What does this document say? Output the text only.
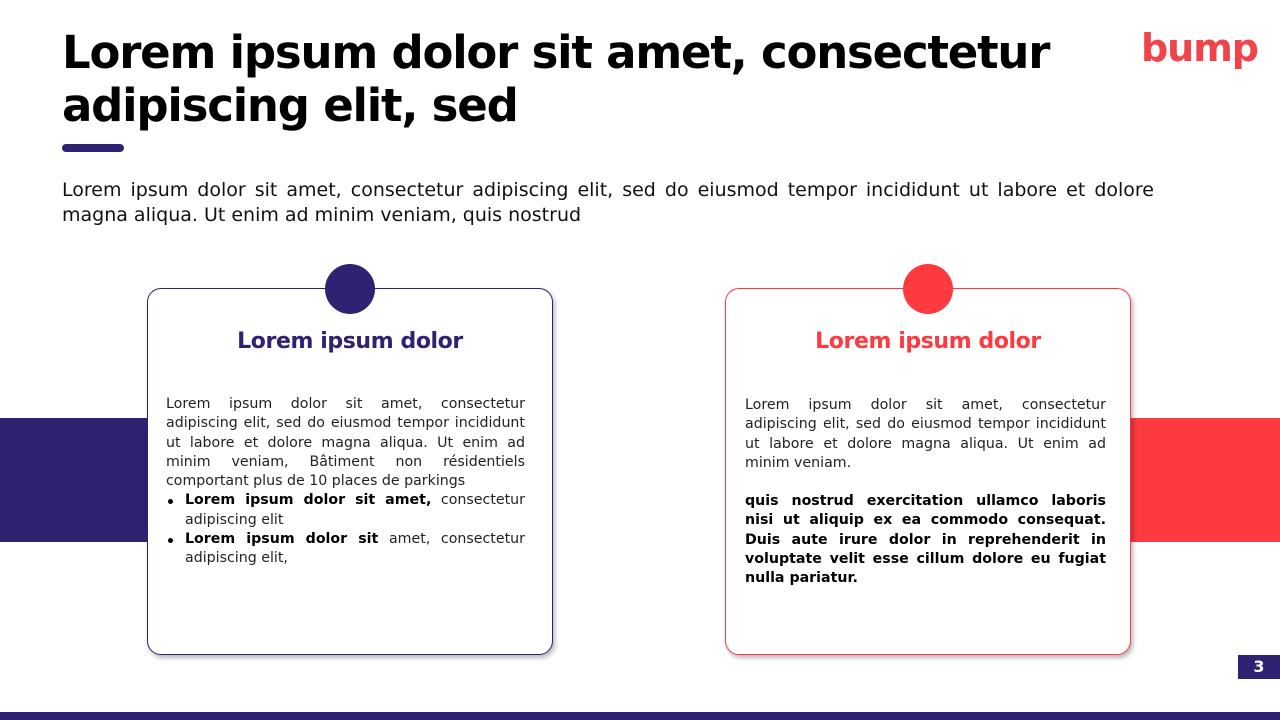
Lorem ipsum dolor sit amet, consectetur adipiscing elit, sed
bump

Lorem ipsum dolor sit amet, consectetur adipiscing elit, sed do eiusmod tempor incididunt ut labore et dolore magna aliqua. Ut enim ad minim veniam, quis nostrud

Lorem ipsum dolor

Lorem ipsum dolor sit amet, consectetur adipiscing elit, sed do eiusmod tempor incididunt ut labore et dolore magna aliqua. Ut enim ad minim veniam, Bâtiment non résidentiels comportant plus de 10 places de parkings

Lorem ipsum dolor sit amet, consectetur adipiscing elit
Lorem ipsum dolor sit amet, consectetur adipiscing elit,
Lorem ipsum dolor

Lorem ipsum dolor sit amet, consectetur adipiscing elit, sed do eiusmod tempor incididunt ut labore et dolore magna aliqua. Ut enim ad minim veniam.

quis nostrud exercitation ullamco laboris nisi ut aliquip ex ea commodo consequat. Duis aute irure dolor in reprehenderit in voluptate velit esse cillum dolore eu fugiat nulla pariatur.

3
